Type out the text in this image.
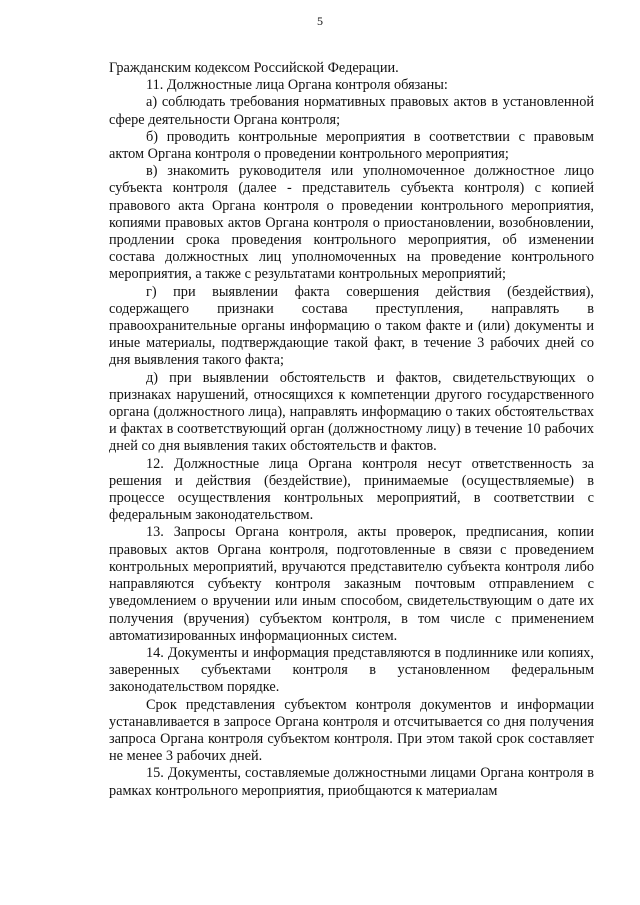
5

Гражданским кодексом Российской Федерации.

11. Должностные лица Органа контроля обязаны:

а) соблюдать требования нормативных правовых актов в установленной сфере деятельности Органа контроля;

б) проводить контрольные мероприятия в соответствии с правовым актом Органа контроля о проведении контрольного мероприятия;

в) знакомить руководителя или уполномоченное должностное лицо субъекта контроля (далее - представитель субъекта контроля) с копией правового акта Органа контроля о проведении контрольного мероприятия, копиями правовых актов Органа контроля о приостановлении, возобновлении, продлении срока проведения контрольного мероприятия, об изменении состава должностных лиц уполномоченных на проведение контрольного мероприятия, а также с результатами контрольных мероприятий;

г) при выявлении факта совершения действия (бездействия), содержащего признаки состава преступления, направлять в правоохранительные органы информацию о таком факте и (или) документы и иные материалы, подтверждающие такой факт, в течение 3 рабочих дней со дня выявления такого факта;

д) при выявлении обстоятельств и фактов, свидетельствующих о признаках нарушений, относящихся к компетенции другого государственного органа (должностного лица), направлять информацию о таких обстоятельствах и фактах в соответствующий орган (должностному лицу) в течение 10 рабочих дней со дня выявления таких обстоятельств и фактов.

12. Должностные лица Органа контроля несут ответственность за решения и действия (бездействие), принимаемые (осуществляемые) в процессе осуществления контрольных мероприятий, в соответствии с федеральным законодательством.

13. Запросы Органа контроля, акты проверок, предписания, копии правовых актов Органа контроля, подготовленные в связи с проведением контрольных мероприятий, вручаются представителю субъекта контроля либо направляются субъекту контроля заказным почтовым отправлением с уведомлением о вручении или иным способом, свидетельствующим о дате их получения (вручения) субъектом контроля, в том числе с применением автоматизированных информационных систем.

14. Документы и информация представляются в подлиннике или копиях, заверенных субъектами контроля в установленном федеральным законодательством порядке.

Срок представления субъектом контроля документов и информации устанавливается в запросе Органа контроля и отсчитывается со дня получения запроса Органа контроля субъектом контроля. При этом такой срок составляет не менее 3 рабочих дней.

15. Документы, составляемые должностными лицами Органа контроля в рамках контрольного мероприятия, приобщаются к материалам
